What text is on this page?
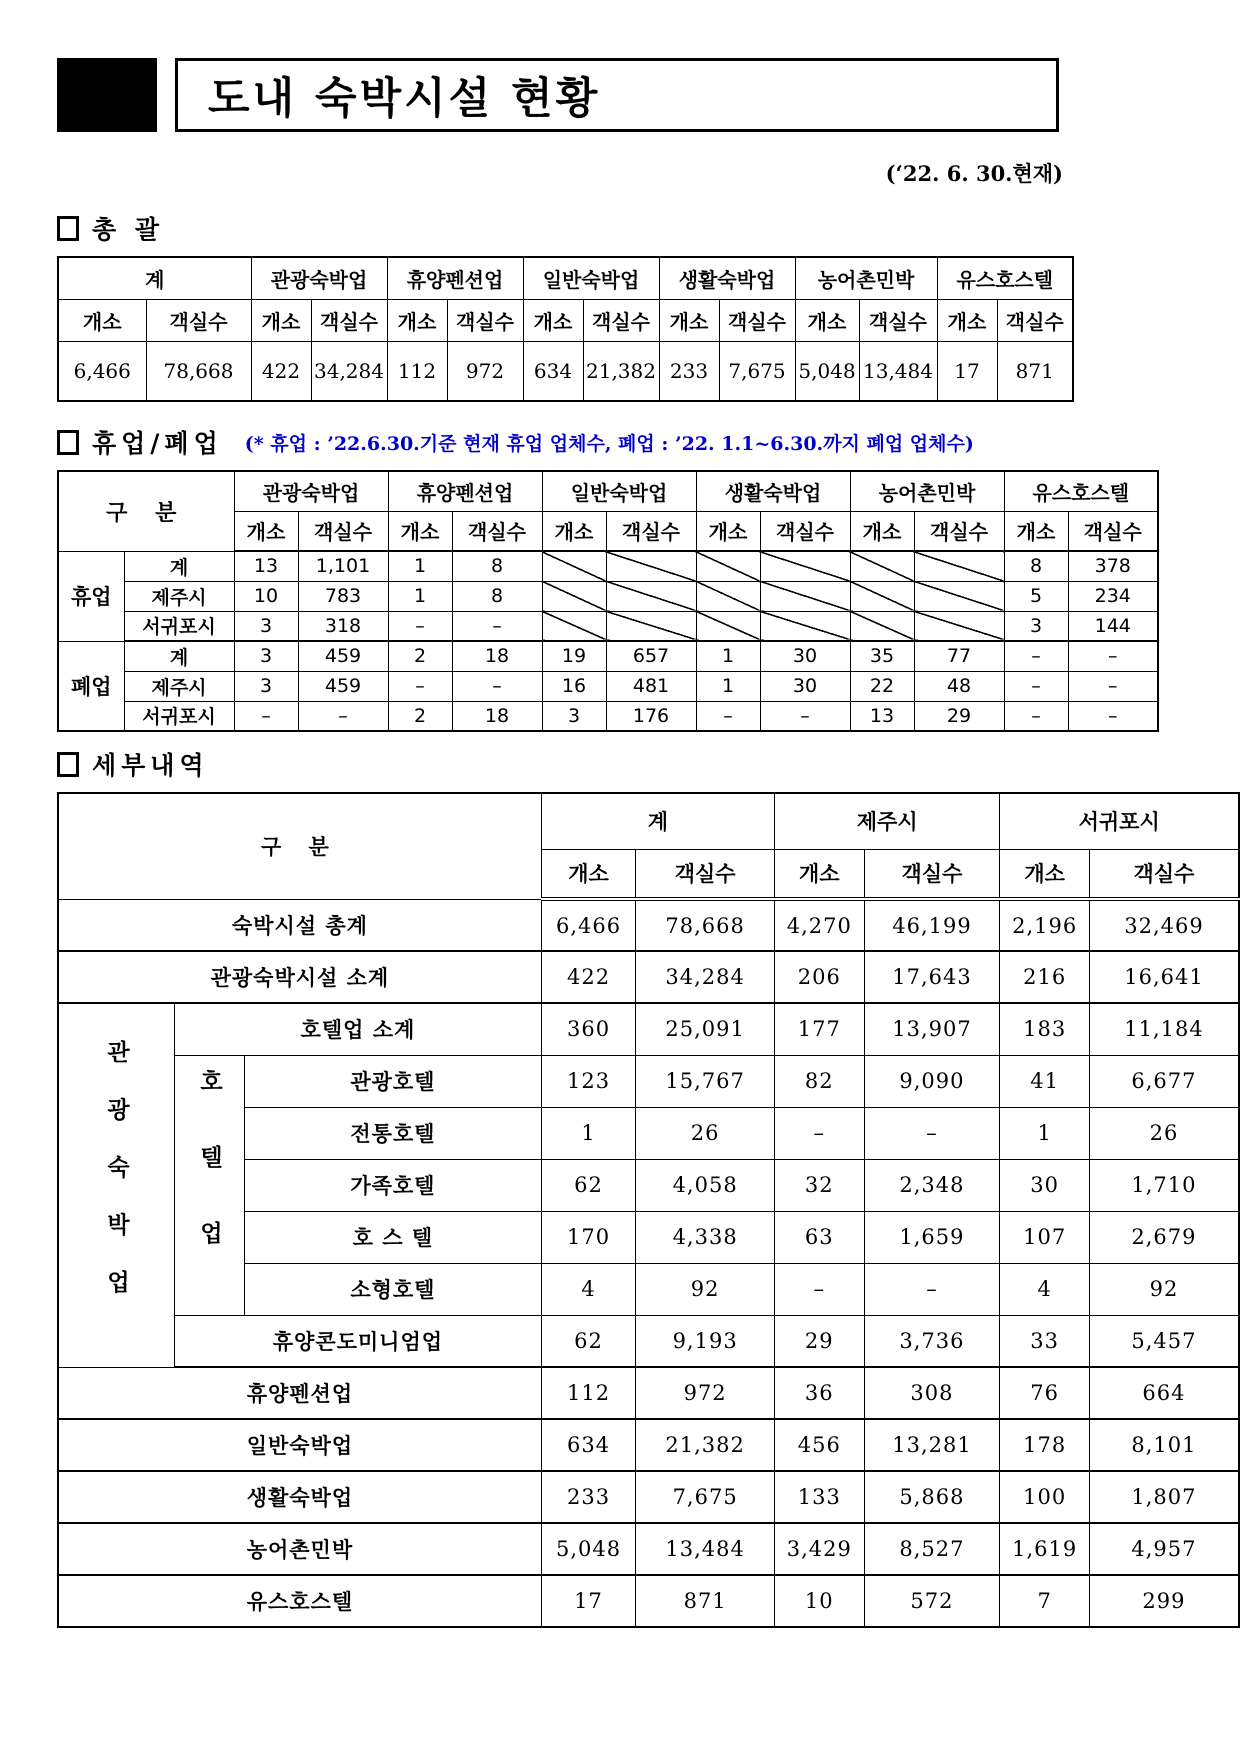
도내 숙박시설 현황
(‘22. 6. 30.현재)
총 괄
계		관광숙박업		휴양펜션업		일반숙박업		생활숙박업		농어촌민박		유스호스텔	
개소	객실수	개소	객실수	개소	객실수	개소	객실수	개소	객실수	개소	객실수	개소	객실수
6,466	78,668	422	34,284	112	972	634	21,382	233	7,675	5,048	13,484	17	871
휴업/폐업 (* 휴업 : ’22.6.30.기준 현재 휴업 업체수, 폐업 : ’22. 1.1~6.30.까지 폐업 업체수)
구 분		관광숙박업		휴양펜션업		일반숙박업		생활숙박업		농어촌민박		유스호스텔	
		개소	객실수	개소	객실수	개소	객실수	개소	객실수	개소	객실수	개소	객실수
휴업	계	13	1,101	1	8							8	378
	제주시	10	783	1	8							5	234
	서귀포시	3	318	–	–							3	144
폐업	계	3	459	2	18	19	657	1	30	35	77	–	–
	제주시	3	459	–	–	16	481	1	30	22	48	–	–
	서귀포시	–	–	2	18	3	176	–	–	13	29	–	–
세부내역
구 분			계		제주시		서귀포시	
			개소	객실수	개소	객실수	개소	객실수
숙박시설 총계			6,466	78,668	4,270	46,199	2,196	32,469
관광숙박시설 소계			422	34,284	206	17,643	216	16,641
관광숙박업	호텔업 소계		360	25,091	177	13,907	183	11,184
	호텔업	관광호텔	123	15,767	82	9,090	41	6,677
		전통호텔	1	26	–	–	1	26
		가족호텔	62	4,058	32	2,348	30	1,710
		호 스 텔	170	4,338	63	1,659	107	2,679
		소형호텔	4	92	–	–	4	92
	휴양콘도미니엄업		62	9,193	29	3,736	33	5,457
휴양펜션업			112	972	36	308	76	664
일반숙박업			634	21,382	456	13,281	178	8,101
생활숙박업			233	7,675	133	5,868	100	1,807
농어촌민박			5,048	13,484	3,429	8,527	1,619	4,957
유스호스텔			17	871	10	572	7	299
